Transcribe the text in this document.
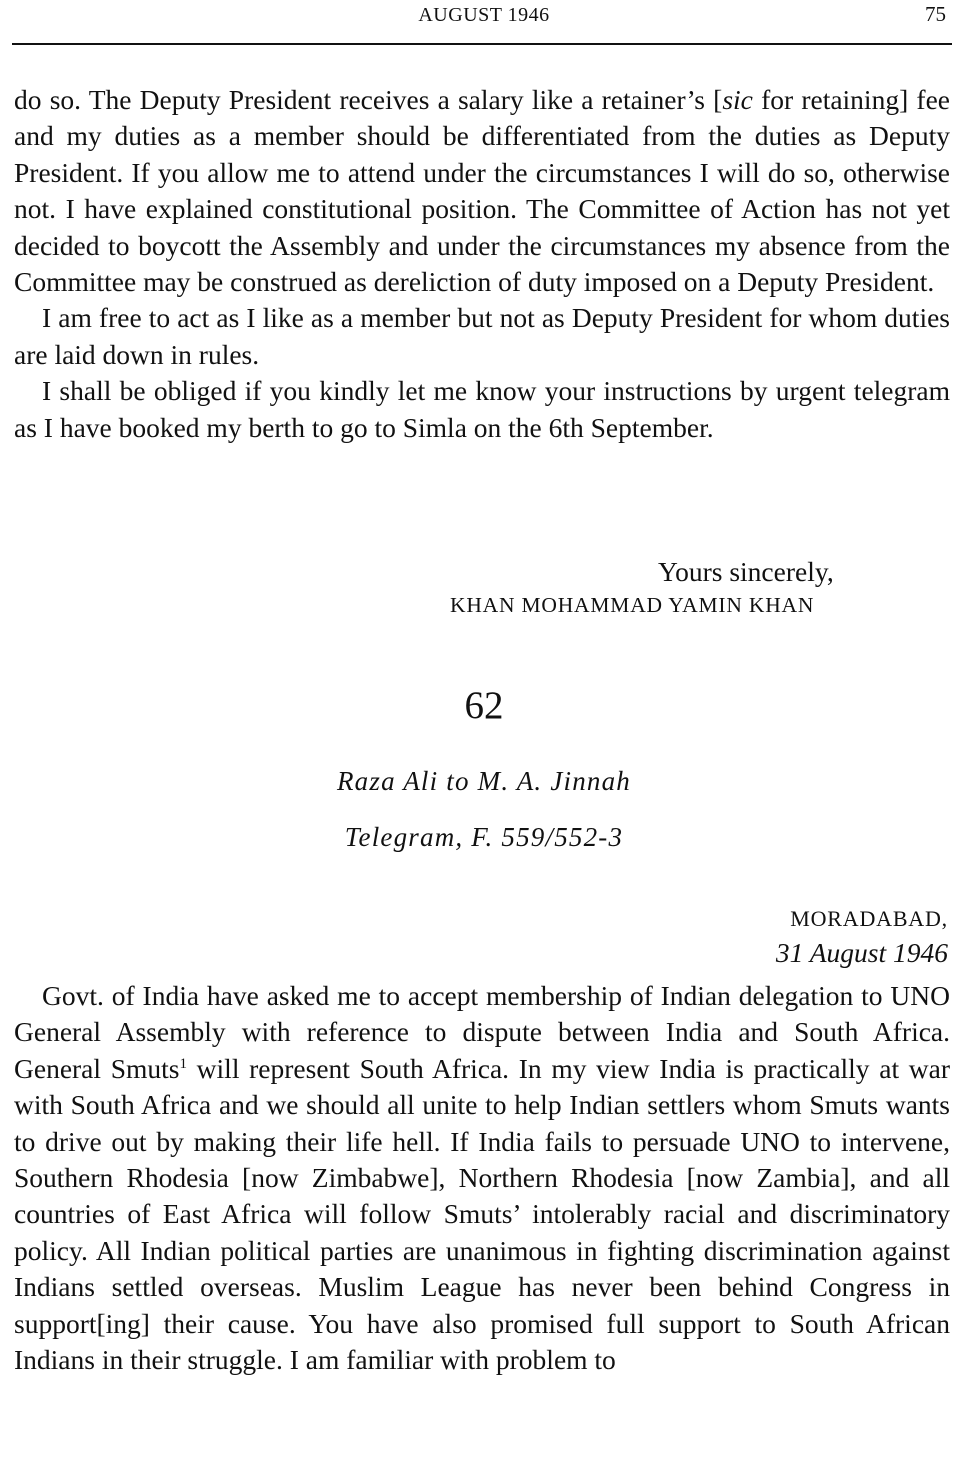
AUGUST 1946	75

do so. The Deputy President receives a salary like a retainer’s [sic for retaining] fee and my duties as a member should be differentiated from the duties as Deputy President. If you allow me to attend under the circumstances I will do so, otherwise not. I have explained constitutional position. The Committee of Action has not yet decided to boycott the Assembly and under the circumstances my absence from the Committee may be construed as dereliction of duty imposed on a Deputy President.

I am free to act as I like as a member but not as Deputy President for whom duties are laid down in rules.

I shall be obliged if you kindly let me know your instructions by urgent telegram as I have booked my berth to go to Simla on the 6th September.

Yours sincerely,
KHAN MOHAMMAD YAMIN KHAN
62
Raza Ali to M. A. Jinnah
Telegram, F. 559/552-3
MORADABAD,
31 August 1946

Govt. of India have asked me to accept membership of Indian delegation to UNO General Assembly with reference to dispute between India and South Africa. General Smuts$^1$ will represent South Africa. In my view India is practically at war with South Africa and we should all unite to help Indian settlers whom Smuts wants to drive out by making their life hell. If India fails to persuade UNO to intervene, Southern Rhodesia [now Zimbabwe], Northern Rhodesia [now Zambia], and all countries of East Africa will follow Smuts’ intolerably racial and discriminatory policy. All Indian political parties are unanimous in fighting discrimination against Indians settled overseas. Muslim League has never been behind Congress in support[ing] their cause. You have also promised full support to South African Indians in their struggle. I am familiar with problem to
